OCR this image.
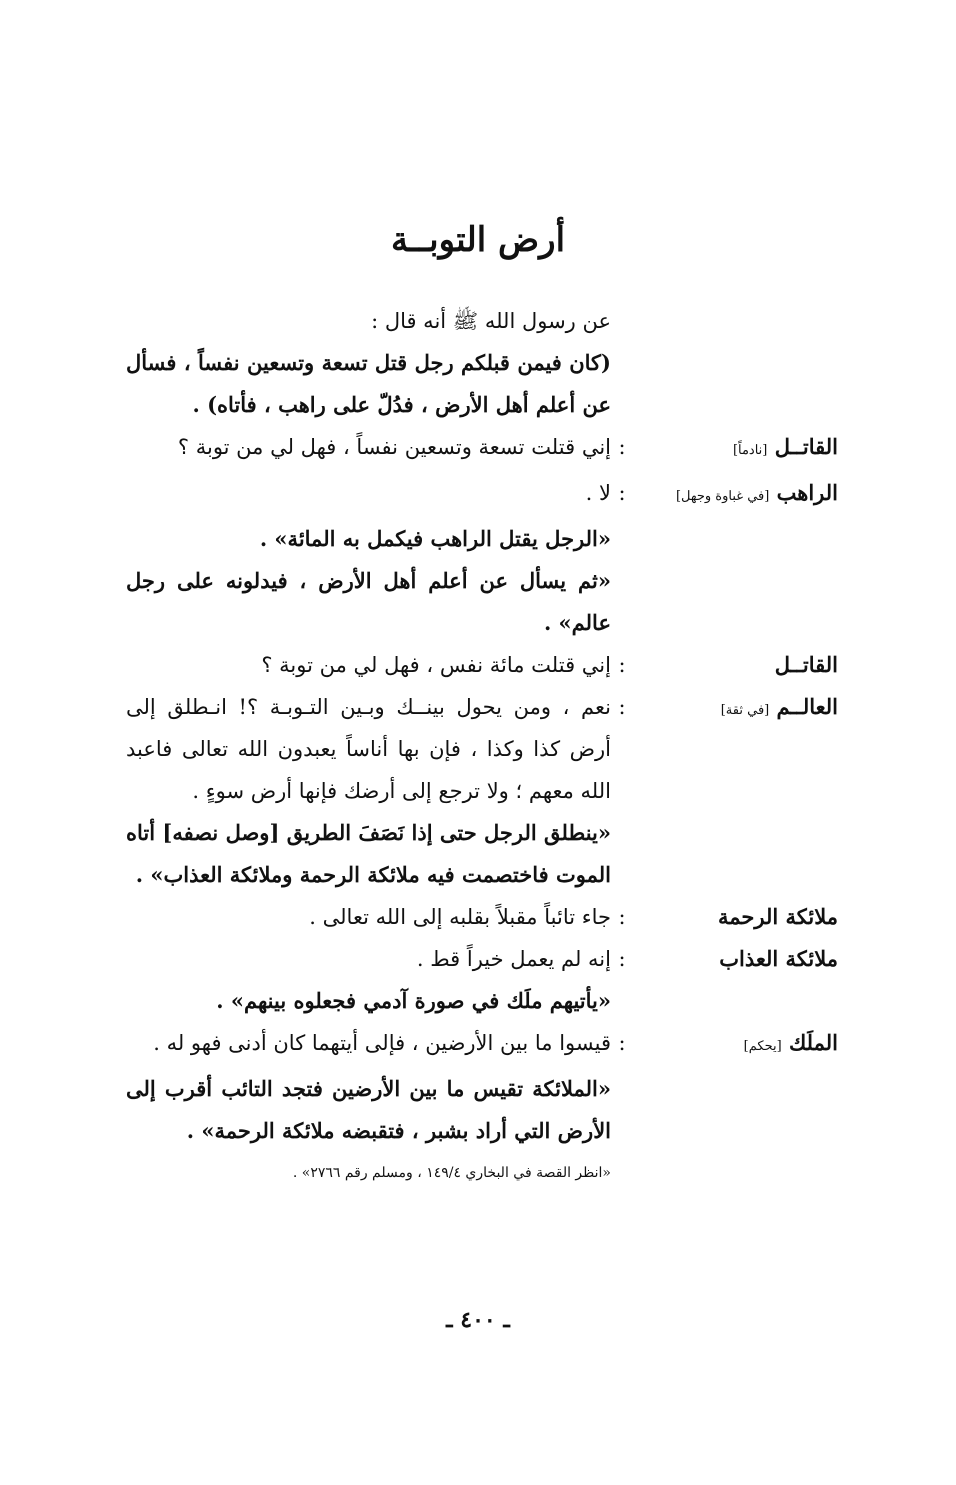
أرض التوبــة
عن رسول الله ﷺ أنه قال :
(كان فيمن قبلكم رجل قتل تسعة وتسعين نفساً ، فسأل عن أعلم أهل الأرض ، فدُلّ على راهب ، فأتاه) .
القاتــل [نادماً]
:
إني قتلت تسعة وتسعين نفساً ، فهل لي من توبة ؟
الراهب [في غباوة وجهل]
:
لا .
«الرجل يقتل الراهب فيكمل به المائة» .
«ثم يسأل عن أعلم أهل الأرض ، فيدلونه على رجل عالم» .
القاتــل
:
إني قتلت مائة نفس ، فهل لي من توبة ؟
العالــم [في ثقة]
:
نعم ، ومن يحول بينــك وبـين التـوبـة ؟! انـطلق إلى أرض كذا وكذا ، فإن بها أناساً يعبدون الله تعالى فاعبد الله معهم ؛ ولا ترجع إلى أرضك فإنها أرض سوءٍ .
«ينطلق الرجل حتى إذا نَصَفَ الطريق [وصل نصفه] أتاه الموت فاختصمت فيه ملائكة الرحمة وملائكة العذاب» .
ملائكة الرحمة
:
جاء تائباً مقبلاً بقلبه إلى الله تعالى .
ملائكة العذاب
:
إنه لم يعمل خيراً قط .
«يأتيهم ملَك في صورة آدمي فجعلوه بينهم» .
الملَك [يحكم]
:
قيسوا ما بين الأرضين ، فإلى أيتهما كان أدنى فهو له .
«الملائكة تقيس ما بين الأرضين فتجد التائب أقرب إلى الأرض التي أراد بشبر ، فتقبضه ملائكة الرحمة» .
«انظر القصة في البخاري ١٤٩/٤ ، ومسلم رقم ٢٧٦٦» .
ـ ٤٠٠ ـ
